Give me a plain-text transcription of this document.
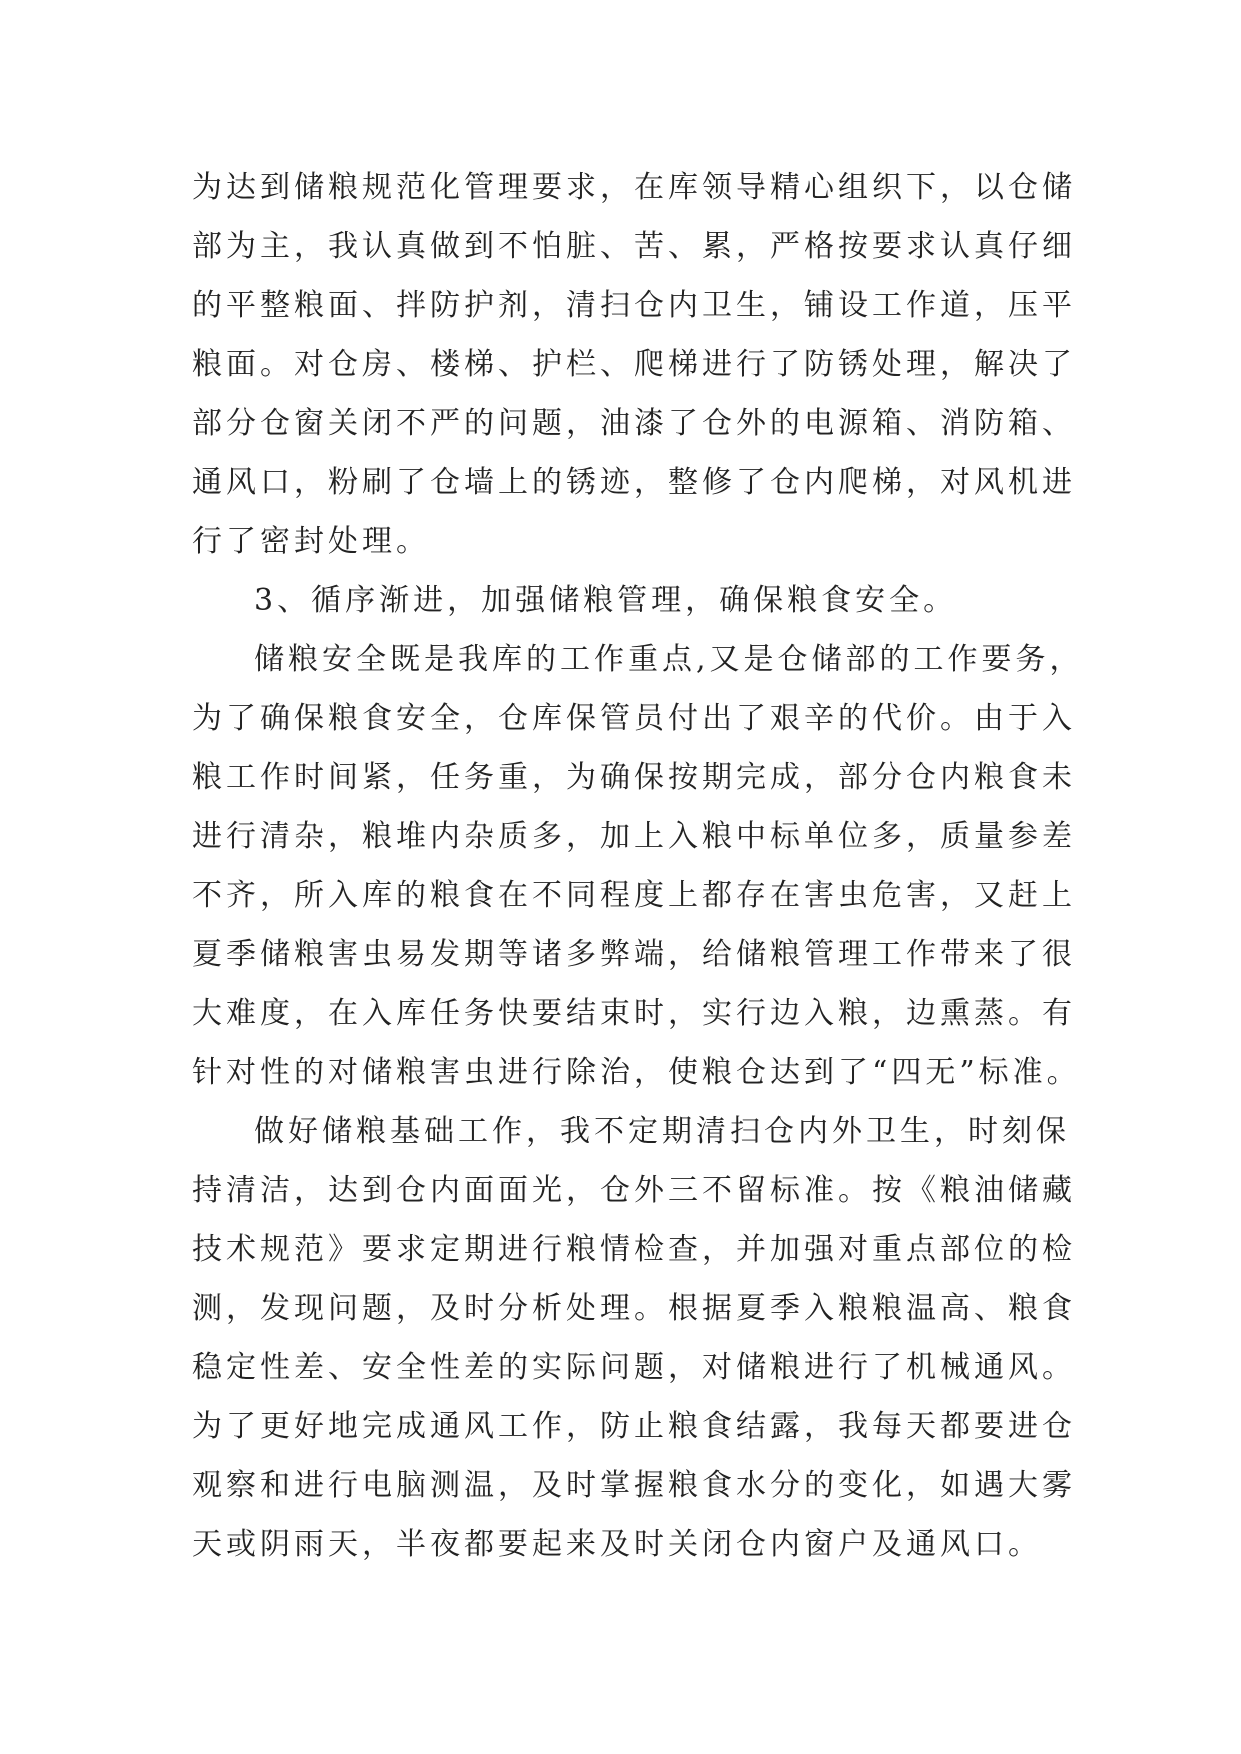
为达到储粮规范化管理要求，在库领导精心组织下，以仓储
部为主，我认真做到不怕脏、苦、累，严格按要求认真仔细
的平整粮面、拌防护剂，清扫仓内卫生，铺设工作道，压平
粮面。对仓房、楼梯、护栏、爬梯进行了防锈处理，解决了
部分仓窗关闭不严的问题，油漆了仓外的电源箱、消防箱、
通风口，粉刷了仓墙上的锈迹，整修了仓内爬梯，对风机进
行了密封处理。
3、循序渐进，加强储粮管理，确保粮食安全。
储粮安全既是我库的工作重点,又是仓储部的工作要务，
为了确保粮食安全，仓库保管员付出了艰辛的代价。由于入
粮工作时间紧，任务重，为确保按期完成，部分仓内粮食未
进行清杂，粮堆内杂质多，加上入粮中标单位多，质量参差
不齐，所入库的粮食在不同程度上都存在害虫危害，又赶上
夏季储粮害虫易发期等诸多弊端，给储粮管理工作带来了很
大难度，在入库任务快要结束时，实行边入粮，边熏蒸。有
针对性的对储粮害虫进行除治，使粮仓达到了“四无”标准。
做好储粮基础工作，我不定期清扫仓内外卫生，时刻保
持清洁，达到仓内面面光，仓外三不留标准。按《粮油储藏
技术规范》要求定期进行粮情检查，并加强对重点部位的检
测，发现问题，及时分析处理。根据夏季入粮粮温高、粮食
稳定性差、安全性差的实际问题，对储粮进行了机械通风。
为了更好地完成通风工作，防止粮食结露，我每天都要进仓
观察和进行电脑测温，及时掌握粮食水分的变化，如遇大雾
天或阴雨天，半夜都要起来及时关闭仓内窗户及通风口。
